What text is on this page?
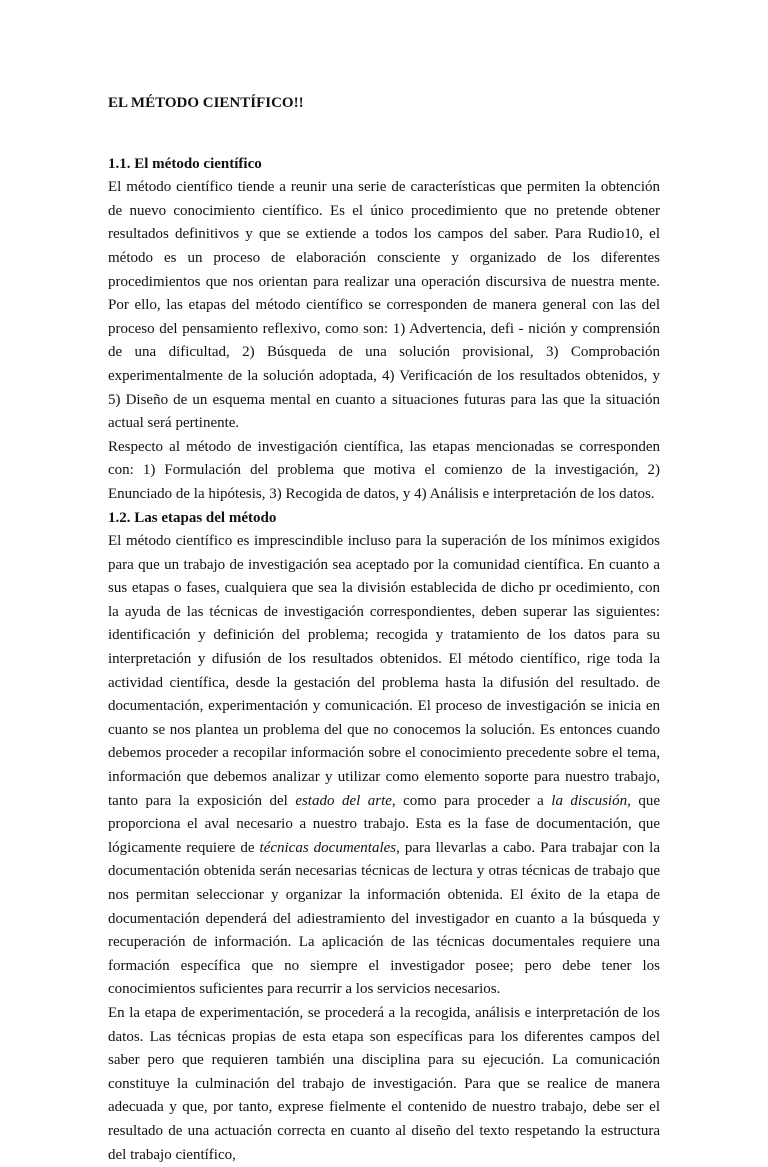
EL MÉTODO CIENTÍFICO!!
1.1. El método científico

El método científico tiende a reunir una serie de características que permiten la obtención de nuevo conocimiento científico. Es el único procedimiento que no pretende obtener resultados definitivos y que se extiende a todos los campos del saber. Para Rudio10, el método es un proceso de elaboración consciente y organizado de los diferentes procedimientos que nos orientan para realizar una operación discursiva de nuestra mente. Por ello, las etapas del método científico se corresponden de manera general con las del proceso del pensamiento reflexivo, como son: 1) Advertencia, defi - nición y comprensión de una dificultad, 2) Búsqueda de una solución provisional, 3) Comprobación experimentalmente de la solución adoptada, 4) Verificación de los resultados obtenidos, y 5) Diseño de un esquema mental en cuanto a situaciones futuras para las que la situación actual será pertinente.

Respecto al método de investigación científica, las etapas mencionadas se corresponden con: 1) Formulación del problema que motiva el comienzo de la investigación, 2) Enunciado de la hipótesis, 3) Recogida de datos, y 4) Análisis e interpretación de los datos.

1.2. Las etapas del método

El método científico es imprescindible incluso para la superación de los mínimos exigidos para que un trabajo de investigación sea aceptado por la comunidad científica. En cuanto a sus etapas o fases, cualquiera que sea la división establecida de dicho pr ocedimiento, con la ayuda de las técnicas de investigación correspondientes, deben superar las siguientes: identificación y definición del problema; recogida y tratamiento de los datos para su interpretación y difusión de los resultados obtenidos. El método científico, rige toda la actividad científica, desde la gestación del problema hasta la difusión del resultado. de documentación, experimentación y comunicación. El proceso de investigación se inicia en cuanto se nos plantea un problema del que no conocemos la solución. Es entonces cuando debemos proceder a recopilar información sobre el conocimiento precedente sobre el tema, información que debemos analizar y utilizar como elemento soporte para nuestro trabajo, tanto para la exposición del estado del arte, como para proceder a la discusión, que proporciona el aval necesario a nuestro trabajo. Esta es la fase de documentación, que lógicamente requiere de técnicas documentales, para llevarlas a cabo. Para trabajar con la documentación obtenida serán necesarias técnicas de lectura y otras técnicas de trabajo que nos permitan seleccionar y organizar la información obtenida. El éxito de la etapa de documentación dependerá del adiestramiento del investigador en cuanto a la búsqueda y recuperación de información. La aplicación de las técnicas documentales requiere una formación específica que no siempre el investigador posee; pero debe tener los conocimientos suficientes para recurrir a los servicios necesarios.

En la etapa de experimentación, se procederá a la recogida, análisis e interpretación de los datos. Las técnicas propias de esta etapa son específicas para los diferentes campos del saber pero que requieren también una disciplina para su ejecución. La comunicación constituye la culminación del trabajo de investigación. Para que se realice de manera adecuada y que, por tanto, exprese fielmente el contenido de nuestro trabajo, debe ser el resultado de una actuación correcta en cuanto al diseño del texto respetando la estructura del trabajo científico,
